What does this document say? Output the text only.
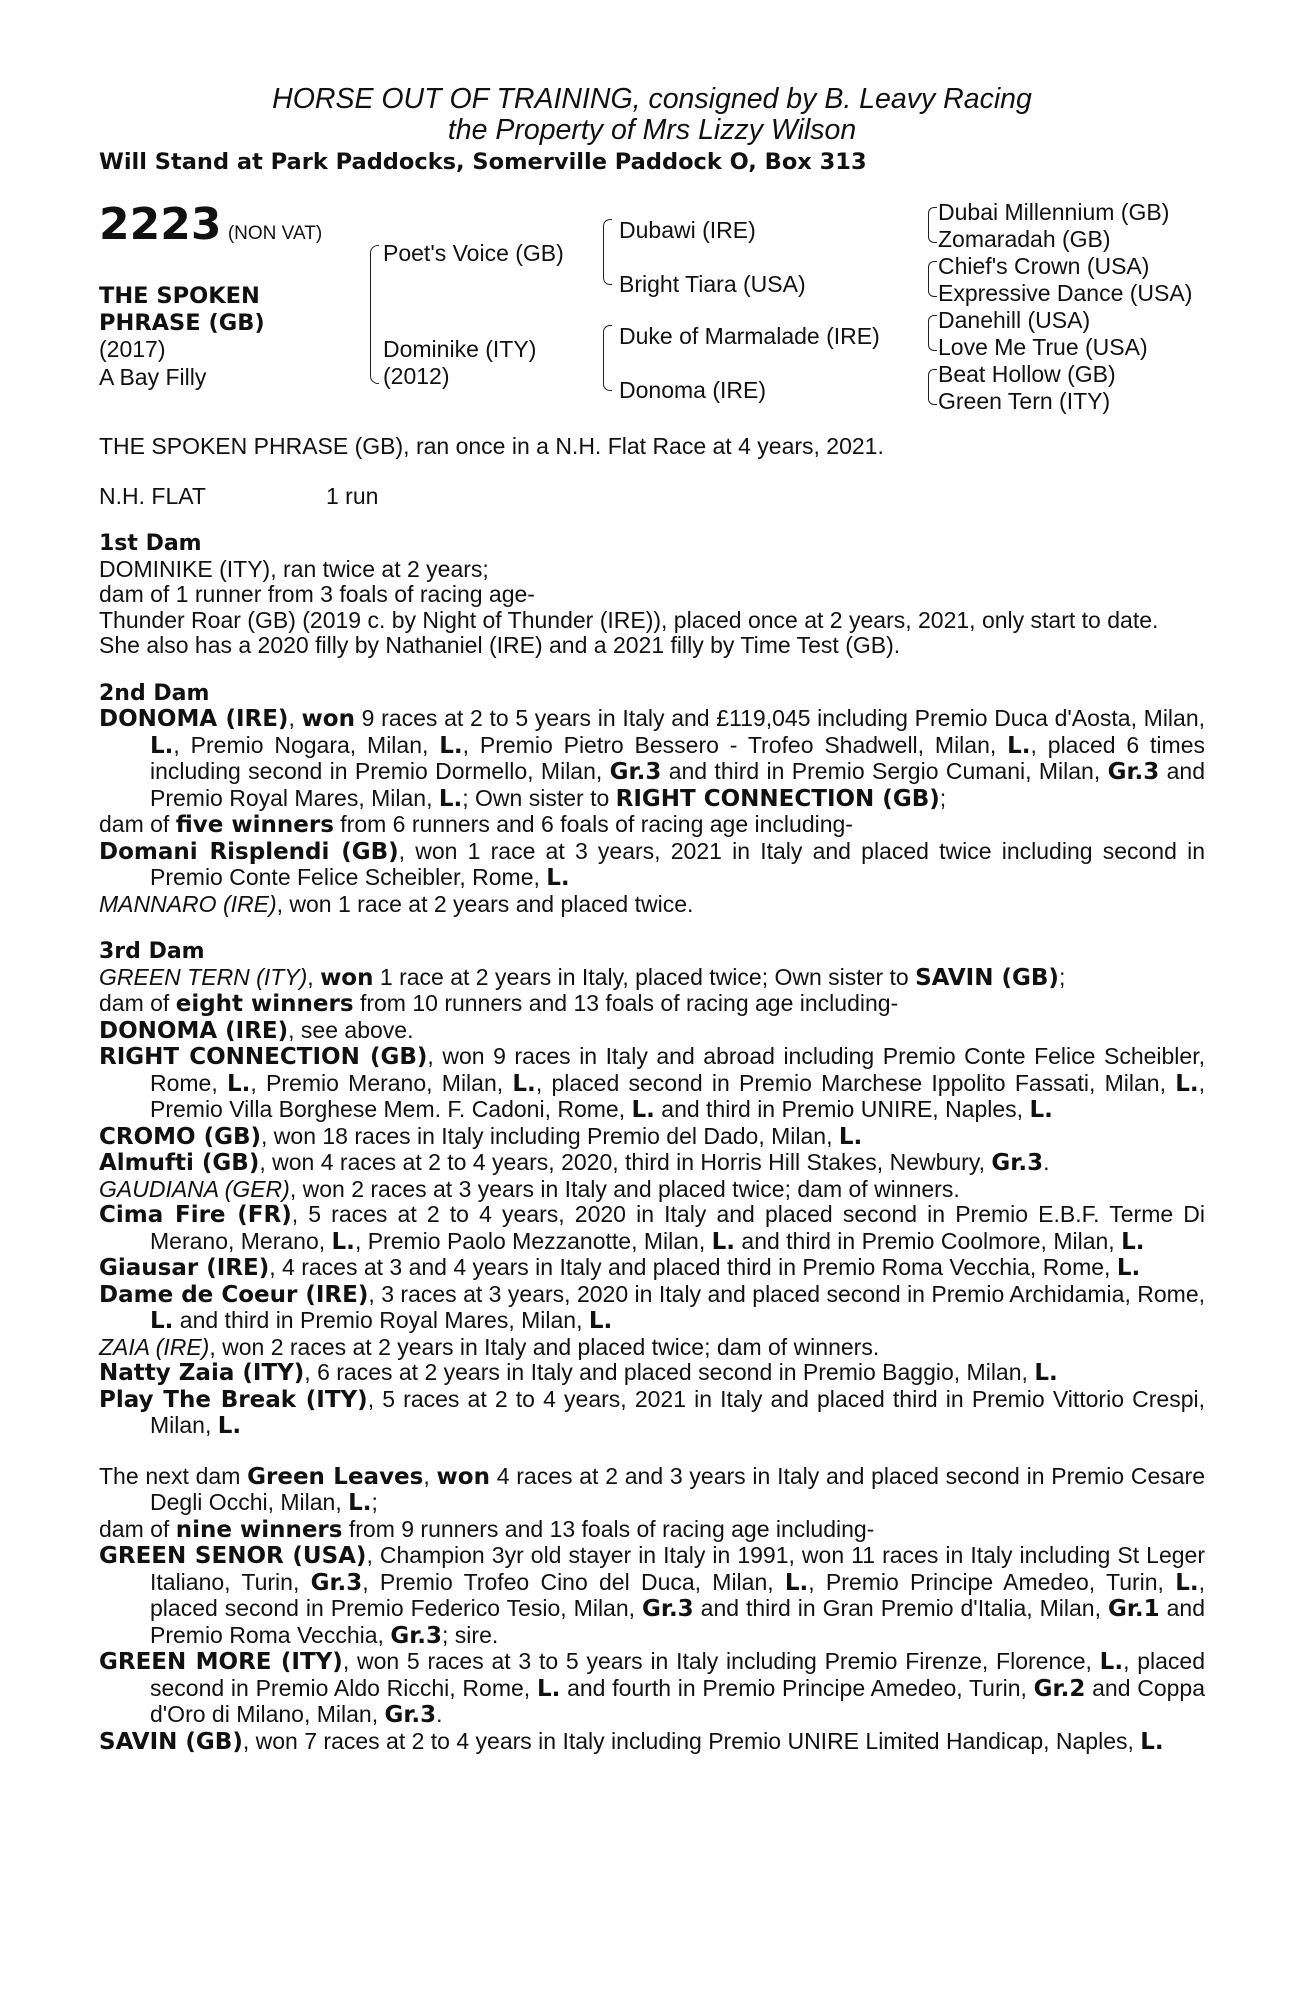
HORSE OUT OF TRAINING, consigned by B. Leavy Racing
the Property of Mrs Lizzy Wilson
Will Stand at Park Paddocks, Somerville Paddock O, Box 313
2223 (NON VAT)
THE SPOKEN
PHRASE (GB)
(2017)
A Bay Filly
Poet's Voice (GB)
Dominike (ITY)
(2012)
Dubawi (IRE)
Bright Tiara (USA)
Duke of Marmalade (IRE)
Donoma (IRE)
Dubai Millennium (GB)
Zomaradah (GB)
Chief's Crown (USA)
Expressive Dance (USA)
Danehill (USA)
Love Me True (USA)
Beat Hollow (GB)
Green Tern (ITY)

THE SPOKEN PHRASE (GB), ran once in a N.H. Flat Race at 4 years, 2021.

N.H. FLAT	1 run
1st Dam

DOMINIKE (ITY), ran twice at 2 years;

dam of 1 runner from 3 foals of racing age-

Thunder Roar (GB) (2019 c. by Night of Thunder (IRE)), placed once at 2 years, 2021, only start to date.

She also has a 2020 filly by Nathaniel (IRE) and a 2021 filly by Time Test (GB).

2nd Dam

DONOMA (IRE), won 9 races at 2 to 5 years in Italy and £119,045 including Premio Duca d'Aosta, Milan, L., Premio Nogara, Milan, L., Premio Pietro Bessero - Trofeo Shadwell, Milan, L., placed 6 times including second in Premio Dormello, Milan, Gr.3 and third in Premio Sergio Cumani, Milan, Gr.3 and Premio Royal Mares, Milan, L.; Own sister to RIGHT CONNECTION (GB);

dam of five winners from 6 runners and 6 foals of racing age including-

Domani Risplendi (GB), won 1 race at 3 years, 2021 in Italy and placed twice including second in Premio Conte Felice Scheibler, Rome, L.

MANNARO (IRE), won 1 race at 2 years and placed twice.

3rd Dam

GREEN TERN (ITY), won 1 race at 2 years in Italy, placed twice; Own sister to SAVIN (GB);

dam of eight winners from 10 runners and 13 foals of racing age including-

DONOMA (IRE), see above.

RIGHT CONNECTION (GB), won 9 races in Italy and abroad including Premio Conte Felice Scheibler, Rome, L., Premio Merano, Milan, L., placed second in Premio Marchese Ippolito Fassati, Milan, L., Premio Villa Borghese Mem. F. Cadoni, Rome, L. and third in Premio UNIRE, Naples, L.

CROMO (GB), won 18 races in Italy including Premio del Dado, Milan, L.

Almufti (GB), won 4 races at 2 to 4 years, 2020, third in Horris Hill Stakes, Newbury, Gr.3.

GAUDIANA (GER), won 2 races at 3 years in Italy and placed twice; dam of winners.

Cima Fire (FR), 5 races at 2 to 4 years, 2020 in Italy and placed second in Premio E.B.F. Terme Di Merano, Merano, L., Premio Paolo Mezzanotte, Milan, L. and third in Premio Coolmore, Milan, L.

Giausar (IRE), 4 races at 3 and 4 years in Italy and placed third in Premio Roma Vecchia, Rome, L.

Dame de Coeur (IRE), 3 races at 3 years, 2020 in Italy and placed second in Premio Archidamia, Rome, L. and third in Premio Royal Mares, Milan, L.

ZAIA (IRE), won 2 races at 2 years in Italy and placed twice; dam of winners.

Natty Zaia (ITY), 6 races at 2 years in Italy and placed second in Premio Baggio, Milan, L.

Play The Break (ITY), 5 races at 2 to 4 years, 2021 in Italy and placed third in Premio Vittorio Crespi, Milan, L.

The next dam Green Leaves, won 4 races at 2 and 3 years in Italy and placed second in Premio Cesare Degli Occhi, Milan, L.;

dam of nine winners from 9 runners and 13 foals of racing age including-

GREEN SENOR (USA), Champion 3yr old stayer in Italy in 1991, won 11 races in Italy including St Leger Italiano, Turin, Gr.3, Premio Trofeo Cino del Duca, Milan, L., Premio Principe Amedeo, Turin, L., placed second in Premio Federico Tesio, Milan, Gr.3 and third in Gran Premio d'Italia, Milan, Gr.1 and Premio Roma Vecchia, Gr.3; sire.

GREEN MORE (ITY), won 5 races at 3 to 5 years in Italy including Premio Firenze, Florence, L., placed second in Premio Aldo Ricchi, Rome, L. and fourth in Premio Principe Amedeo, Turin, Gr.2 and Coppa d'Oro di Milano, Milan, Gr.3.

SAVIN (GB), won 7 races at 2 to 4 years in Italy including Premio UNIRE Limited Handicap, Naples, L.
